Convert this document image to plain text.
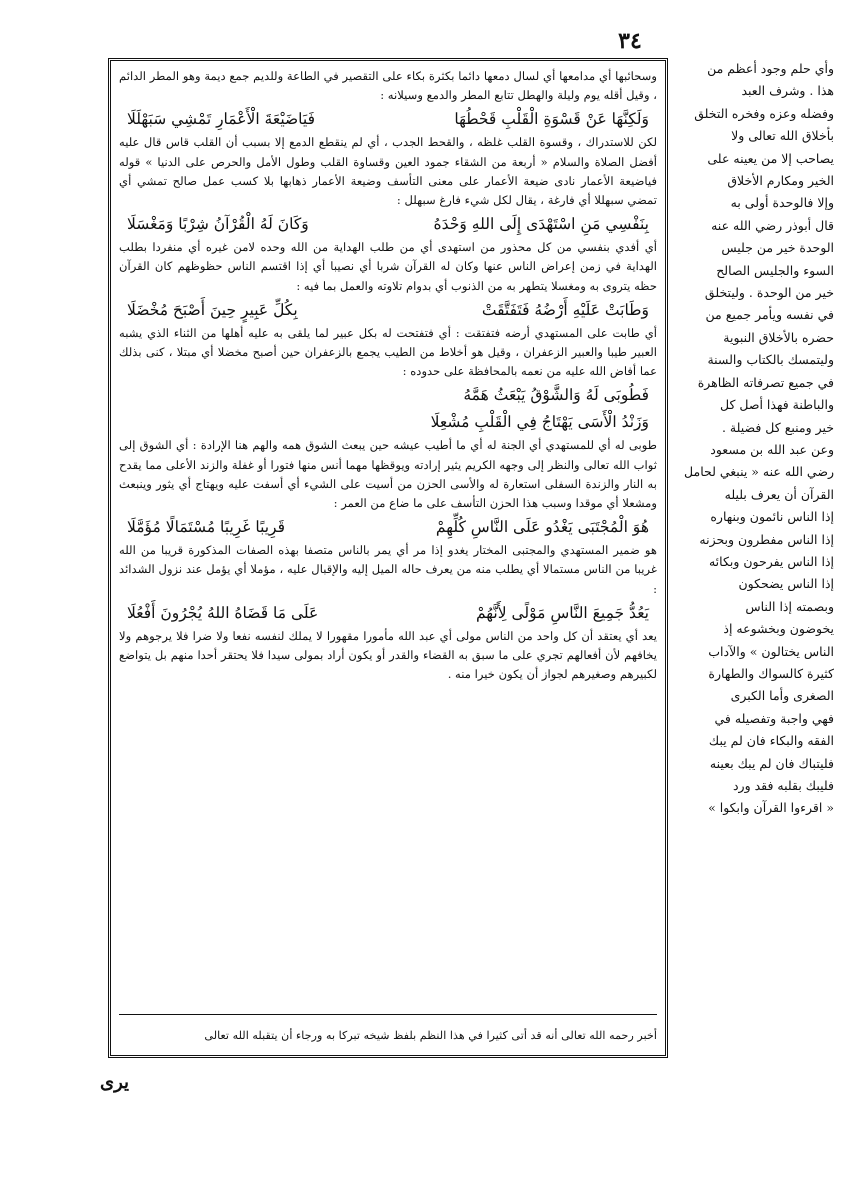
٣٤

وسحائبها أي مدامعها أي لسال دمعها دائما بكثرة بكاء على التقصير في الطاعة وللديم جمع ديمة وهو المطر الدائم ، وقيل أقله يوم وليلة والهطل تتابع المطر والدمع وسيلانه :

وَلَكِنَّهَا عَنْ قَسْوَةِ الْقَلْبِ قَحْطُهَا
فَيَاضَيْعَةَ الْأَعْمَارِ تَمْشِي سَبَهْلَلَا

لكن للاستدراك ، وقسوة القلب غلظه ، والقحط الجدب ، أي لم ينقطع الدمع إلا بسبب أن القلب قاس قال عليه أفضل الصلاة والسلام « أربعة من الشقاء جمود العين وقساوة القلب وطول الأمل والحرص على الدنيا » قوله فياضيعة الأعمار نادى ضيعة الأعمار على معنى التأسف وضيعة الأعمار ذهابها بلا كسب عمل صالح تمشي أي تمضي سبهللا أي فارغة ، يقال لكل شيء فارغ سبهلل :

بِنَفْسِي مَنِ اسْتَهْدَى إِلَى اللهِ وَحْدَهُ
وَكَانَ لَهُ الْقُرْآنُ شِرْبًا وَمَغْسَلَا

أي أفدي بنفسي من كل محذور من استهدى أي من طلب الهداية من الله وحده لامن غيره أي منفردا بطلب الهداية في زمن إعراض الناس عنها وكان له القرآن شربا أي نصيبا أي إذا اقتسم الناس حظوظهم كان القرآن حظه يتروى به ومغسلا يتطهر به من الذنوب أي بدوام تلاوته والعمل بما فيه :

وَطَابَتْ عَلَيْهِ أَرْضُهُ فَتَفَتَّقَتْ
بِكُلِّ عَبِيرٍ حِينَ أَصْبَحَ مُخْضَلَا

أي طابت على المستهدي أرضه فتفتقت : أي فتفتحت له بكل عبير لما يلقى به عليه أهلها من الثناء الذي يشبه العبير طيبا والعبير الزعفران ، وقيل هو أخلاط من الطيب يجمع بالزعفران حين أصبح مخضلا أي مبتلا ، كنى بذلك عما أفاض الله عليه من نعمه بالمحافظة على حدوده :

فَطُوبَى لَهُ وَالشَّوْقُ يَبْعَثُ هَمَّهُ
وَزَنْدُ الْأَسَى يَهْتَاجُ فِي الْقَلْبِ مُشْعِلَا

طوبى له أي للمستهدي أي الجنة له أي ما أطيب عيشه حين يبعث الشوق همه والهم هنا الإرادة : أي الشوق إلى ثواب الله تعالى والنظر إلى وجهه الكريم يثير إرادته ويوقظها مهما أنس منها فتورا أو غفلة والزند الأعلى مما يقدح به النار والزندة السفلى استعارة له والأسى الحزن من أسيت على الشيء أي أسفت عليه ويهتاج أي يثور وينبعث ومشعلا أي موقدا وسبب هذا الحزن التأسف على ما ضاع من العمر :

هُوَ الْمُجْتَبَى يَغْدُو عَلَى النَّاسِ كُلِّهِمْ
قَرِيبًا غَرِيبًا مُسْتَمَالًا مُؤَمَّلَا

هو ضمير المستهدي والمجتبى المختار يغدو إذا مر أي يمر بالناس متصفا بهذه الصفات المذكورة قريبا من الله غريبا من الناس مستمالا أي يطلب منه من يعرف حاله الميل إليه والإقبال عليه ، مؤملا أي يؤمل عند نزول الشدائد :

يَعُدُّ جَمِيعَ النَّاسِ مَوْلًى لِأَنَّهُمْ
عَلَى مَا قَضَاهُ اللهُ يُجْرُونَ أَفْعُلَا

يعد أي يعتقد أن كل واحد من الناس مولى أي عبد الله مأمورا مقهورا لا يملك لنفسه نفعا ولا ضرا فلا يرجوهم ولا يخافهم لأن أفعالهم تجري على ما سبق به القضاء والقدر أو يكون أراد بمولى سيدا فلا يحتقر أحدا منهم بل يتواضع لكبيرهم وصغيرهم لجواز أن يكون خيرا منه .

أخبر رحمه الله تعالى أنه قد أتى كثيرا في هذا النظم بلفظ شيخه تبركا به ورجاء أن يتقبله الله تعالى
وأي حلم وجود أعظم من
هذا . وشرف العبد
وفضله وعزه وفخره التخلق
بأخلاق الله تعالى ولا
يصاحب إلا من يعينه على
الخير ومكارم الأخلاق
وإلا فالوحدة أولى به
قال أبوذر رضي الله عنه
الوحدة خير من جليس
السوء والجليس الصالح
خير من الوحدة . وليتخلق
في نفسه ويأمر جميع من
حضره بالأخلاق النبوية
وليتمسك بالكتاب والسنة
في جميع تصرفاته الظاهرة
والباطنة فهذا أصل كل
خير ومنبع كل فضيلة .
وعن عبد الله بن مسعود
رضي الله عنه « ينبغي لحامل
القرآن أن يعرف بليله
إذا الناس نائمون وبنهاره
إذا الناس مفطرون وبحزنه
إذا الناس يفرحون وبكائه
إذا الناس يضحكون
وبصمته إذا الناس
يخوضون وبخشوعه إذ
الناس يختالون » والآداب
كثيرة كالسواك والطهارة
الصغرى وأما الكبرى
فهي واجبة وتفصيله في
الفقه والبكاء فان لم يبك
فليتباك فان لم يبك بعينه
فليبك بقلبه فقد ورد
« اقرءوا القرآن وابكوا »
يرى
